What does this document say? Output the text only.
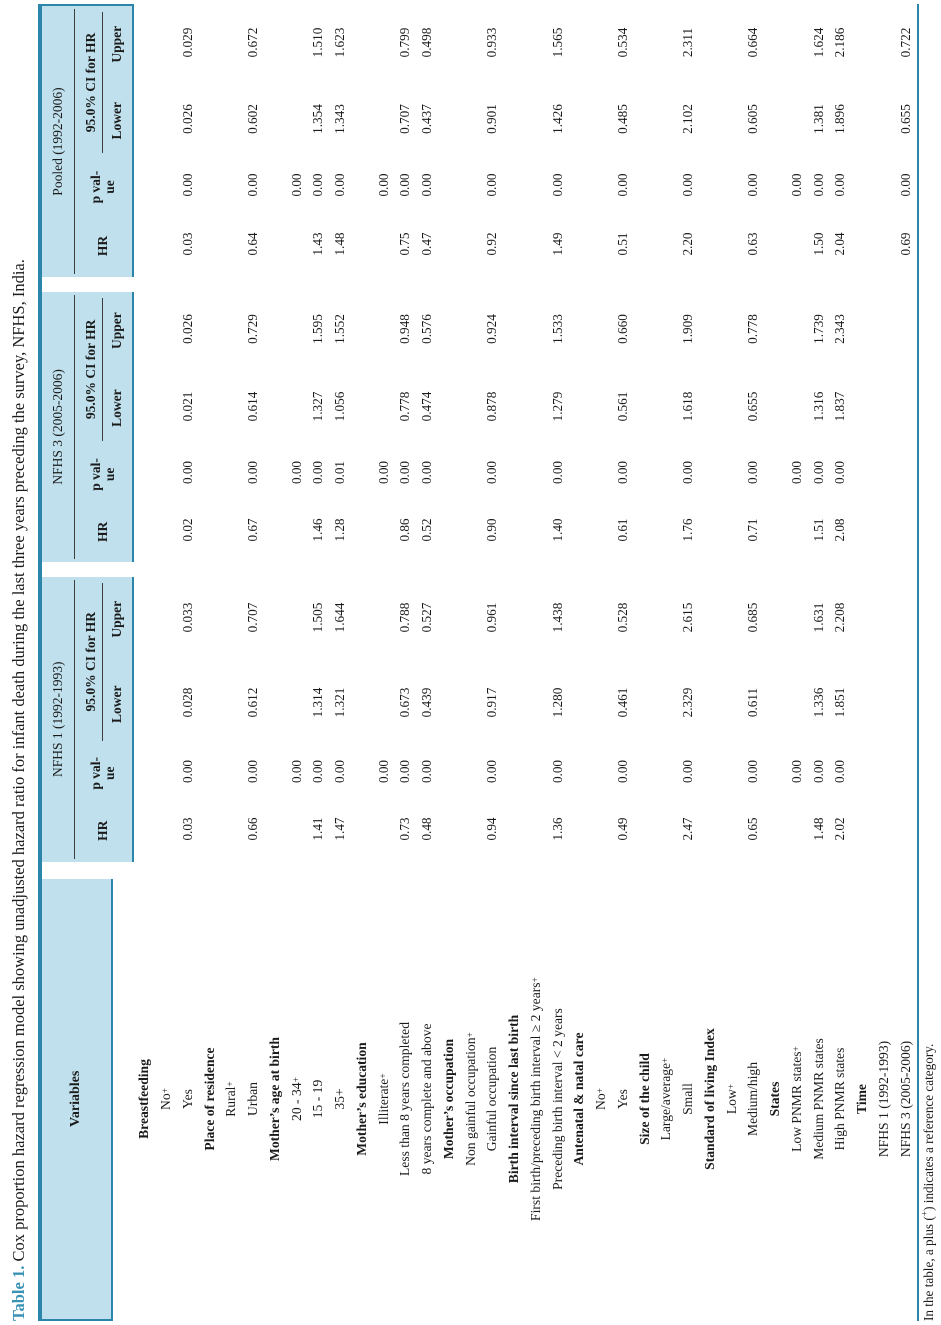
Table 1. Cox proportion hazard regression model showing unadjusted hazard ratio for infant death during the last three years preceding the survey, NFHS, India.	Variables
NFHS 1 (1992-1993)
HR
p val- ue
95.0% CI for HR Lower
Upper
NFHS 3 (2005-2006)
HR
p val- ue
95.0% CI for HR Lower
Upper
Pooled (1992-2006)
HR
p val- ue
95.0% CI for HR Lower
Upper
Breastfeeding No
+ Yes
0.03
0.00
0.028
0.033
0.02
0.00
0.021
0.026
0.03
0.00
0.026
0.029
Place of residence Rural
+ Urban
0.66
0.00
0.612
0.707
0.67
0.00
0.614
0.729
0.64
0.00
0.602
0.672
Mother’s age at birth 20 - 34
+
0.00
0.00
0.00
15 - 19
1.41
0.00
1.314
1.505
1.46
0.00
1.327
1.595
1.43
0.00
1.354
1.510
35+
1.47
0.00
1.321
1.644
1.28
0.01
1.056
1.552
1.48
0.00
1.343
1.623
Mother’s education Illiterate
+
0.00
0.00
0.00
Less than 8 years completed
0.73
0.00
0.673
0.788
0.86
0.00
0.778
0.948
0.75
0.00
0.707
0.799
8 years complete and above
0.48
0.00
0.439
0.527
0.52
0.00
0.474
0.576
0.47
0.00
0.437
0.498
Mother’s occupation Non gainful occupation
+
Gainful occupation
0.94
0.00
0.917
0.961
0.90
0.00
0.878
0.924
0.92
0.00
0.901
0.933
Birth interval since last birth First birth/preceding birth interval ≥ 2 years
+
Preceding birth interval < 2 years
1.36
0.00
1.280
1.438
1.40
0.00
1.279
1.533
1.49
0.00
1.426
1.565
Antenatal & natal care No
+ Yes
0.49
0.00
0.461
0.528
0.61
0.00
0.561
0.660
0.51
0.00
0.485
0.534
Size of the child Large/average
+
Small
2.47
0.00
2.329
2.615
1.76
0.00
1.618
1.909
2.20
0.00
2.102
2.311
Standard of living Index Low
+ Medium/high
0.65
0.00
0.611
0.685
0.71
0.00
0.655
0.778
0.63
0.00
0.605
0.664
States Low PNMR states
+
0.00
0.00
0.00
Medium PNMR states
1.48
0.00
1.336
1.631
1.51
0.00
1.316
1.739
1.50
0.00
1.381
1.624
High PNMR states
2.02
0.00
1.851
2.208
2.08
0.00
1.837
2.343
2.04
0.00
1.896
2.186
Time NFHS 1 (1992-1993) NFHS 3 (2005-2006)
0.69
0.00
0.655
0.722
In the table, a plus (+) indicates a reference category.
